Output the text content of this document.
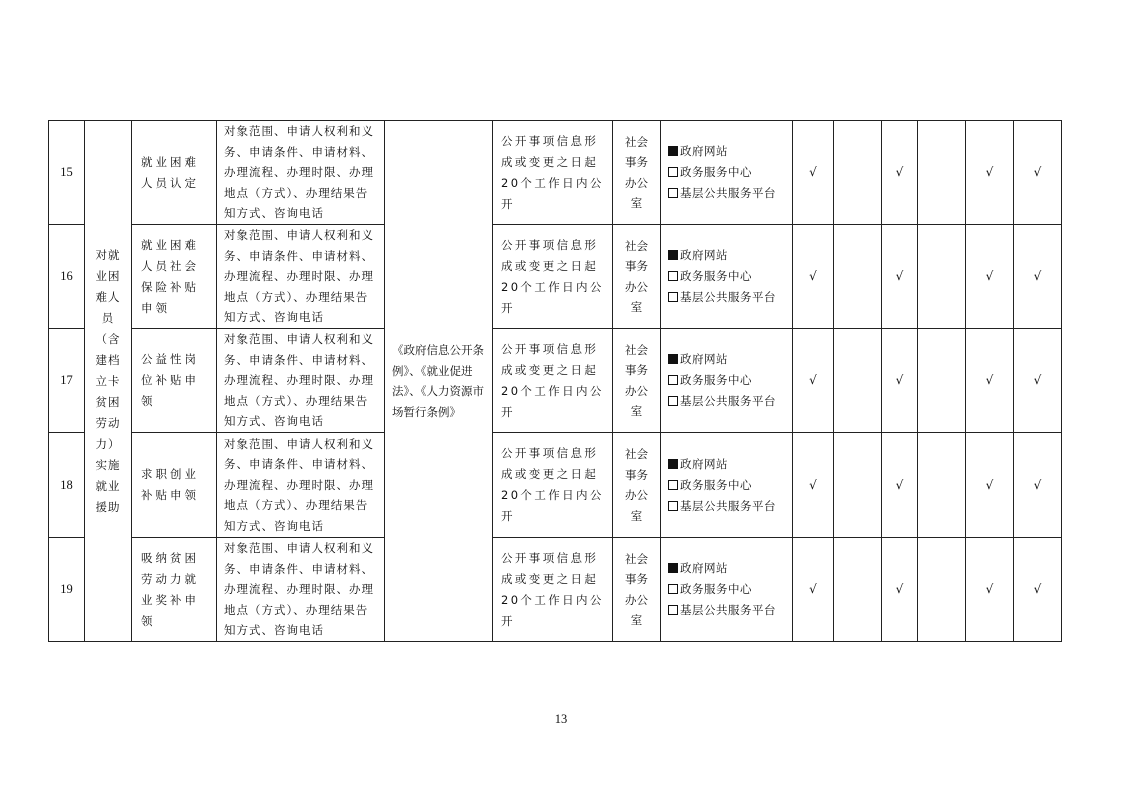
15	对就业困难人员（含建档立卡贫困劳动力）实施就业援助	就业困难人员认定	对象范围、申请人权利和义务、申请条件、申请材料、办理流程、办理时限、办理地点（方式）、办理结果告知方式、咨询电话	《政府信息公开条例》、《就业促进法》、《人力资源市场暂行条例》	公开事项信息形成或变更之日起20个工作日内公开	社会事务办公室	政府网站
政务服务中心
基层公共服务平台	√		√		√	√
16		就业困难人员社会保险补贴申领	对象范围、申请人权利和义务、申请条件、申请材料、办理流程、办理时限、办理地点（方式）、办理结果告知方式、咨询电话		公开事项信息形成或变更之日起20个工作日内公开	社会事务办公室	政府网站
政务服务中心
基层公共服务平台	√		√		√	√
17		公益性岗位补贴申领	对象范围、申请人权利和义务、申请条件、申请材料、办理流程、办理时限、办理地点（方式）、办理结果告知方式、咨询电话		公开事项信息形成或变更之日起20个工作日内公开	社会事务办公室	政府网站
政务服务中心
基层公共服务平台	√		√		√	√
18		求职创业补贴申领	对象范围、申请人权利和义务、申请条件、申请材料、办理流程、办理时限、办理地点（方式）、办理结果告知方式、咨询电话		公开事项信息形成或变更之日起20个工作日内公开	社会事务办公室	政府网站
政务服务中心
基层公共服务平台	√		√		√	√
19		吸纳贫困劳动力就业奖补申领	对象范围、申请人权利和义务、申请条件、申请材料、办理流程、办理时限、办理地点（方式）、办理结果告知方式、咨询电话		公开事项信息形成或变更之日起20个工作日内公开	社会事务办公室	政府网站
政务服务中心
基层公共服务平台	√		√		√	√
13
